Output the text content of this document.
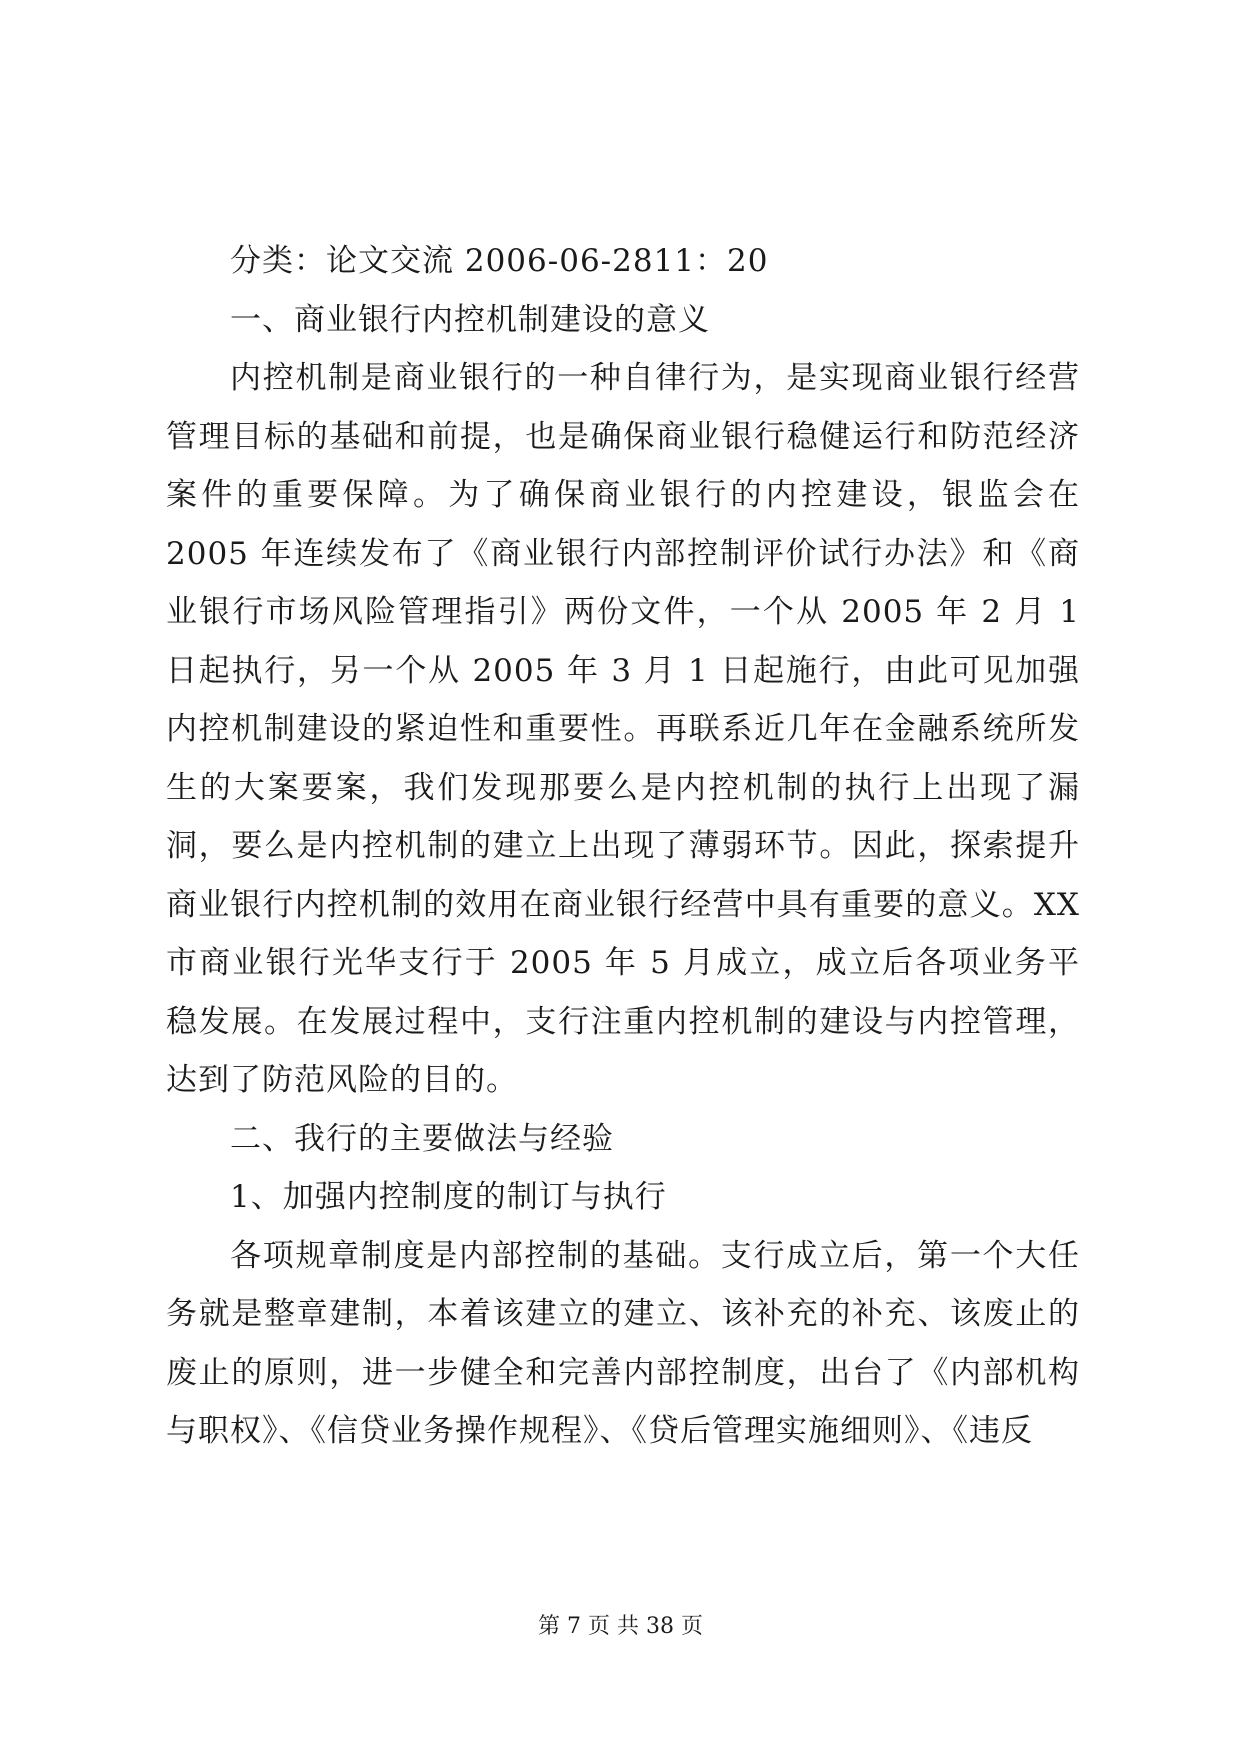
分类：论文交流 2006-06-2811：20

一、商业银行内控机制建设的意义

内控机制是商业银行的一种自律行为，是实现商业银行经营管理目标的基础和前提，也是确保商业银行稳健运行和防范经济案件的重要保障。为了确保商业银行的内控建设，银监会在 2005 年连续发布了《商业银行内部控制评价试行办法》和《商业银行市场风险管理指引》两份文件，一个从 2005 年 2 月 1 日起执行，另一个从 2005 年 3 月 1 日起施行，由此可见加强内控机制建设的紧迫性和重要性。再联系近几年在金融系统所发生的大案要案，我们发现那要么是内控机制的执行上出现了漏洞，要么是内控机制的建立上出现了薄弱环节。因此，探索提升商业银行内控机制的效用在商业银行经营中具有重要的意义。XX 市商业银行光华支行于 2005 年 5 月成立，成立后各项业务平稳发展。在发展过程中，支行注重内控机制的建设与内控管理，达到了防范风险的目的。

二、我行的主要做法与经验

1、加强内控制度的制订与执行

各项规章制度是内部控制的基础。支行成立后，第一个大任务就是整章建制，本着该建立的建立、该补充的补充、该废止的废止的原则，进一步健全和完善内部控制度，出台了《内部机构与职权》、《信贷业务操作规程》、《贷后管理实施细则》、《违反

第 7 页 共 38 页
